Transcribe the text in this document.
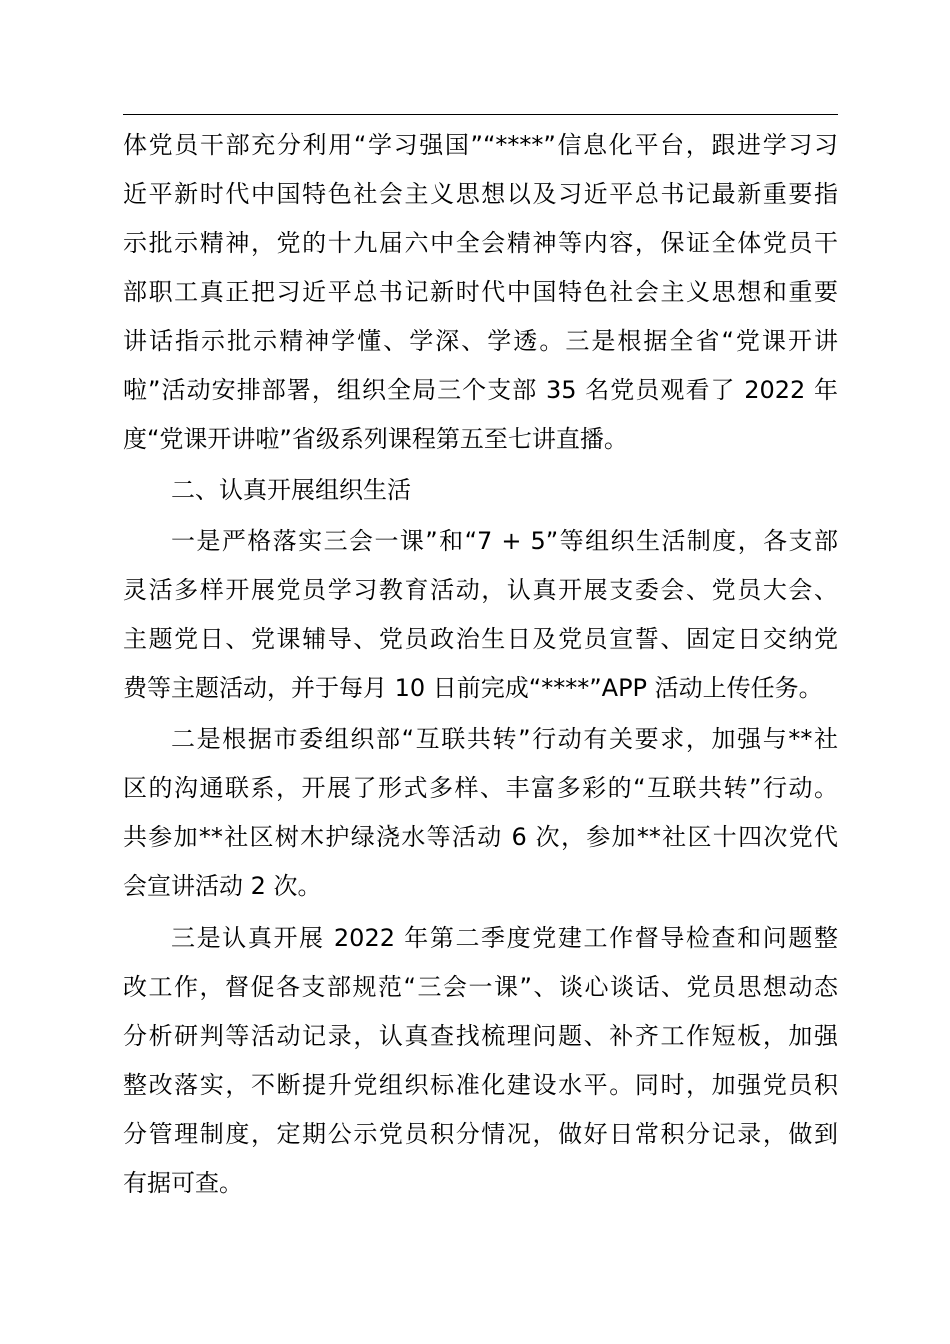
体党员干部充分利用“学习强国”“****”信息化平台，跟进学习习
近平新时代中国特色社会主义思想以及习近平总书记最新重要指
示批示精神，党的十九届六中全会精神等内容，保证全体党员干
部职工真正把习近平总书记新时代中国特色社会主义思想和重要
讲话指示批示精神学懂、学深、学透。三是根据全省“党课开讲
啦”活动安排部署，组织全局三个支部 35 名党员观看了 2022 年
度“党课开讲啦”省级系列课程第五至七讲直播。
二、认真开展组织生活
一是严格落实三会一课”和“7 + 5”等组织生活制度，各支部
灵活多样开展党员学习教育活动，认真开展支委会、党员大会、
主题党日、党课辅导、党员政治生日及党员宣誓、固定日交纳党
费等主题活动，并于每月 10 日前完成“****”APP 活动上传任务。
二是根据市委组织部“互联共转”行动有关要求，加强与**社
区的沟通联系，开展了形式多样、丰富多彩的“互联共转”行动。
共参加**社区树木护绿浇水等活动 6 次，参加**社区十四次党代
会宣讲活动 2 次。
三是认真开展 2022 年第二季度党建工作督导检查和问题整
改工作，督促各支部规范“三会一课”、谈心谈话、党员思想动态
分析研判等活动记录，认真查找梳理问题、补齐工作短板，加强
整改落实，不断提升党组织标准化建设水平。同时，加强党员积
分管理制度，定期公示党员积分情况，做好日常积分记录，做到
有据可查。
